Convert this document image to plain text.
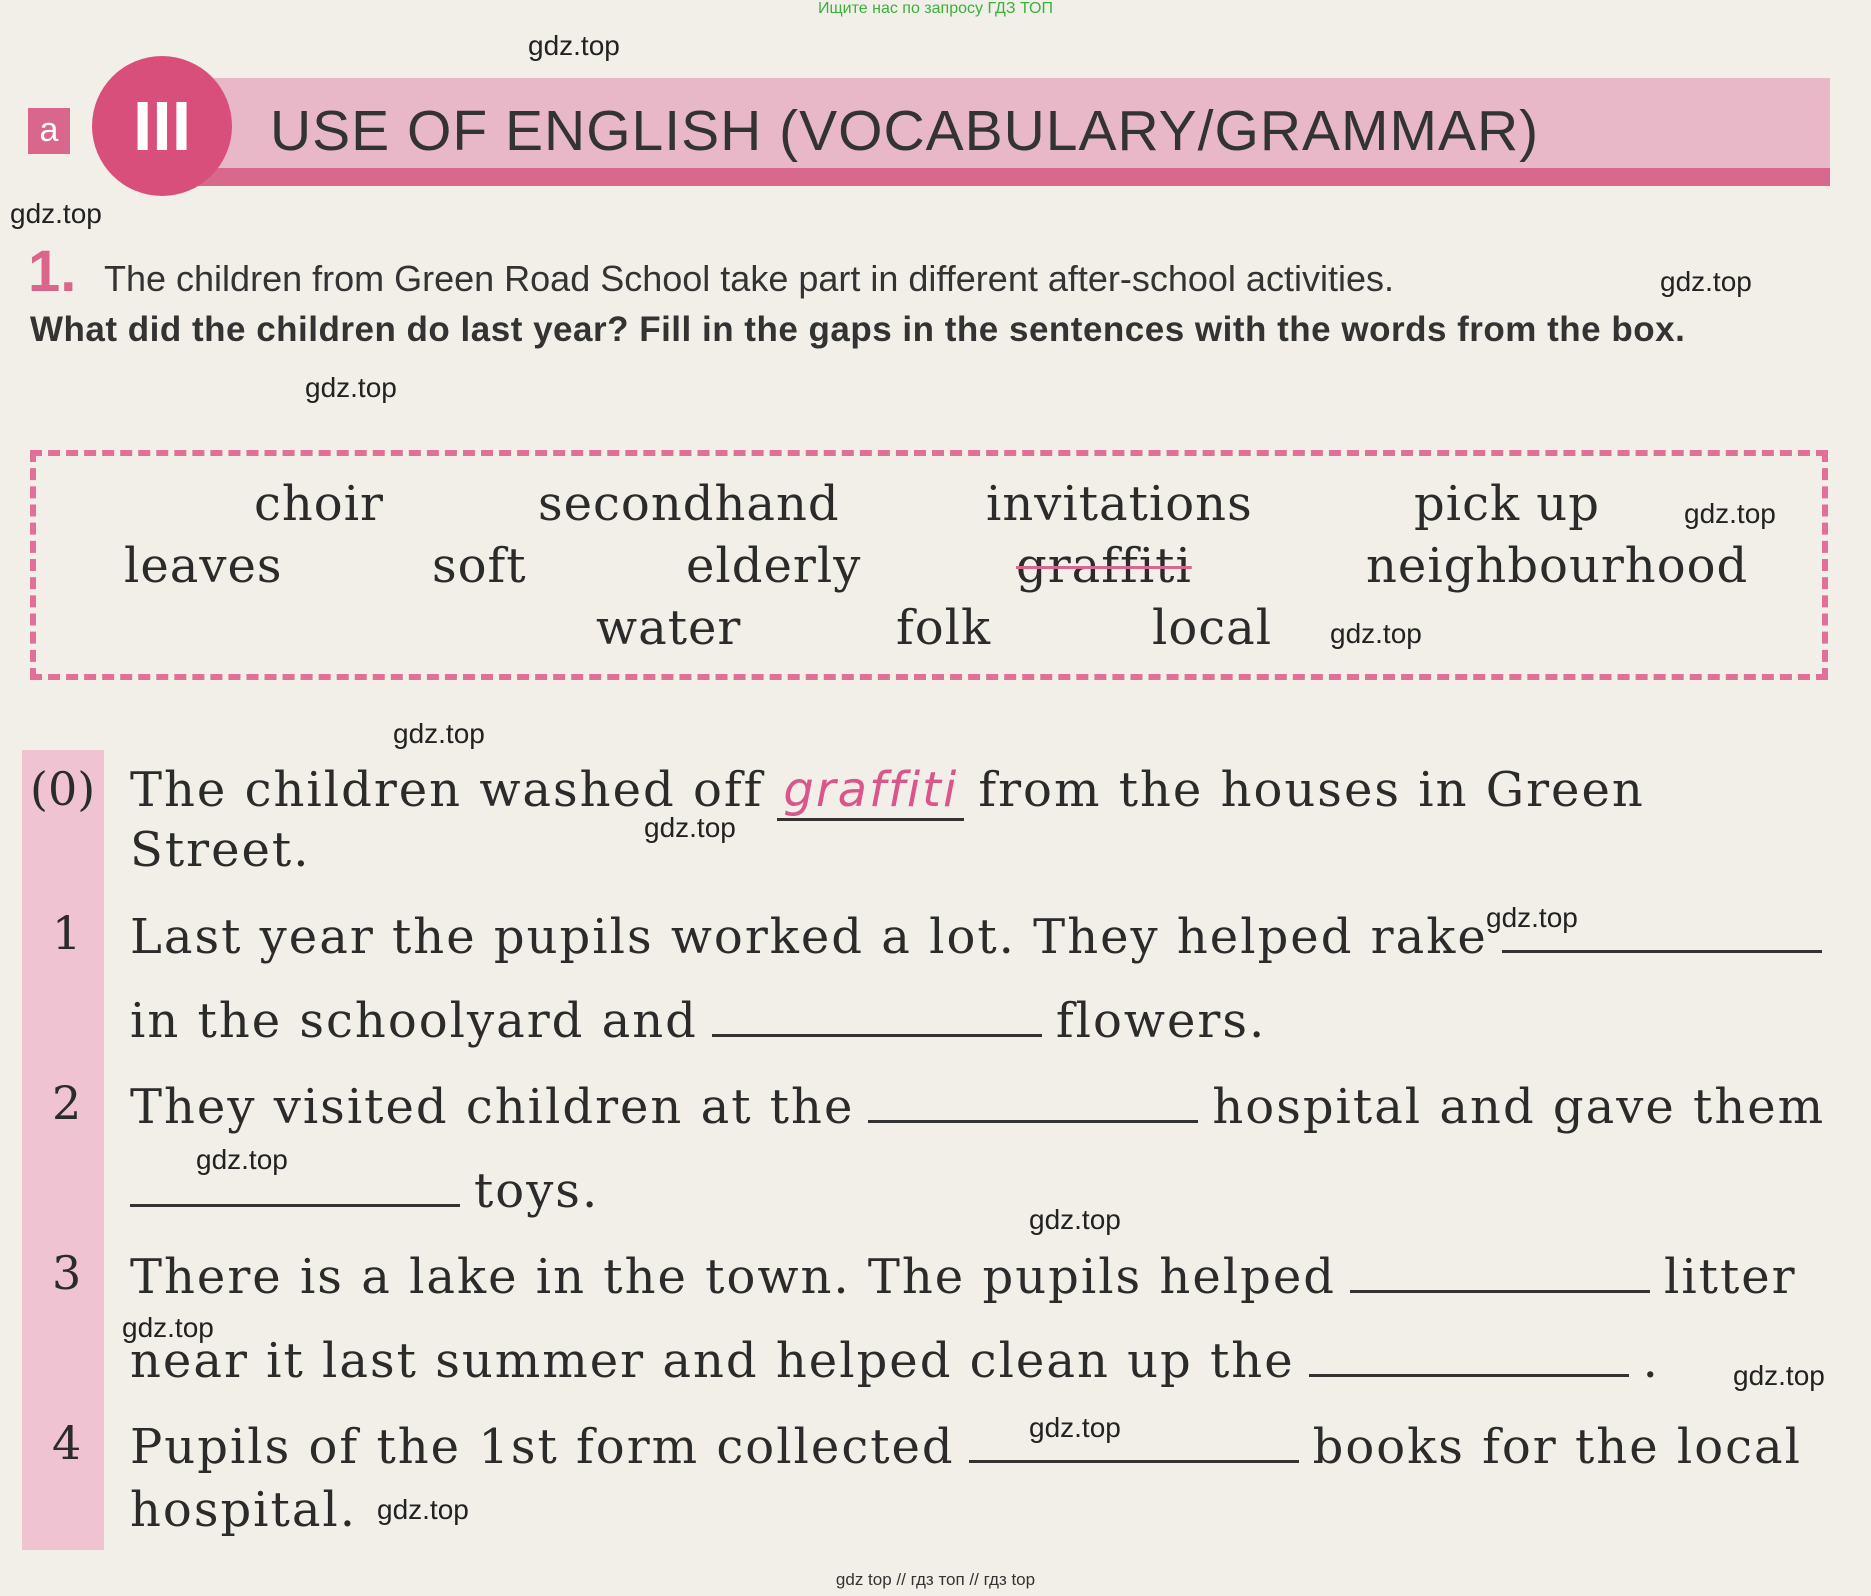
Ищите нас по запросу ГДЗ ТОП
a	III	USE OF ENGLISH (VOCABULARY/GRAMMAR)
1. The children from Green Road School take part in different after-school activities.
What did the children do last year? Fill in the gaps in the sentences with the words from the box.
choir	secondhand	invitations	pick up
leaves	soft	elderly	graffiti	neighbourhood
water	folk	local
(0) The children washed off graffiti from the houses in Green
Street.
1 Last year the pupils worked a lot. They helped rake
in the schoolyard and	flowers.
2 They visited children at the	hospital and gave them
toys.
3 There is a lake in the town. The pupils helped	litter
near it last summer and helped clean up the	.
4 Pupils of the 1st form collected	books for the local
hospital.
gdz.top
gdz.top
gdz.top
gdz.top
gdz.top
gdz.top
gdz.top
gdz.top
gdz.top
gdz.top
gdz.top
gdz.top
gdz.top
gdz.top
gdz.top
gdz top // гдз топ // гдз top
